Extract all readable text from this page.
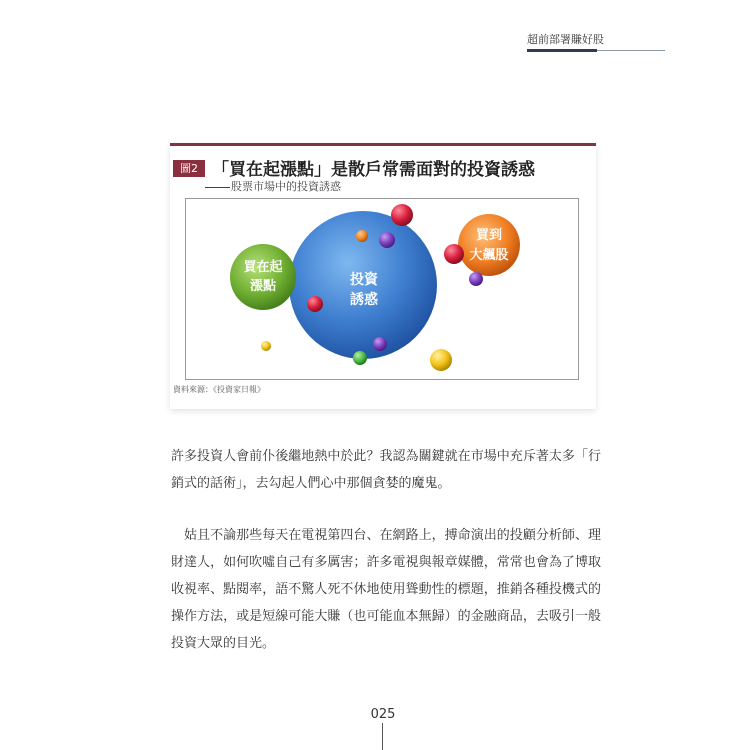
超前部署賺好股
圖2 「買在起漲點」是散戶常需面對的投資誘惑
股票市場中的投資誘惑
投資
誘惑
買在起
漲點
買到
大飆股
資料來源：《投資家日報》

許多投資人會前仆後繼地熱中於此？我認為關鍵就在市場中充斥著太多「行銷式的話術」，去勾起人們心中那個貪婪的魔鬼。

姑且不論那些每天在電視第四台、在網路上，搏命演出的投顧分析師、理財達人，如何吹噓自己有多厲害；許多電視與報章媒體，常常也會為了博取收視率、點閱率，語不驚人死不休地使用聳動性的標題，推銷各種投機式的操作方法，或是短線可能大賺（也可能血本無歸）的金融商品，去吸引一般投資大眾的目光。

025
